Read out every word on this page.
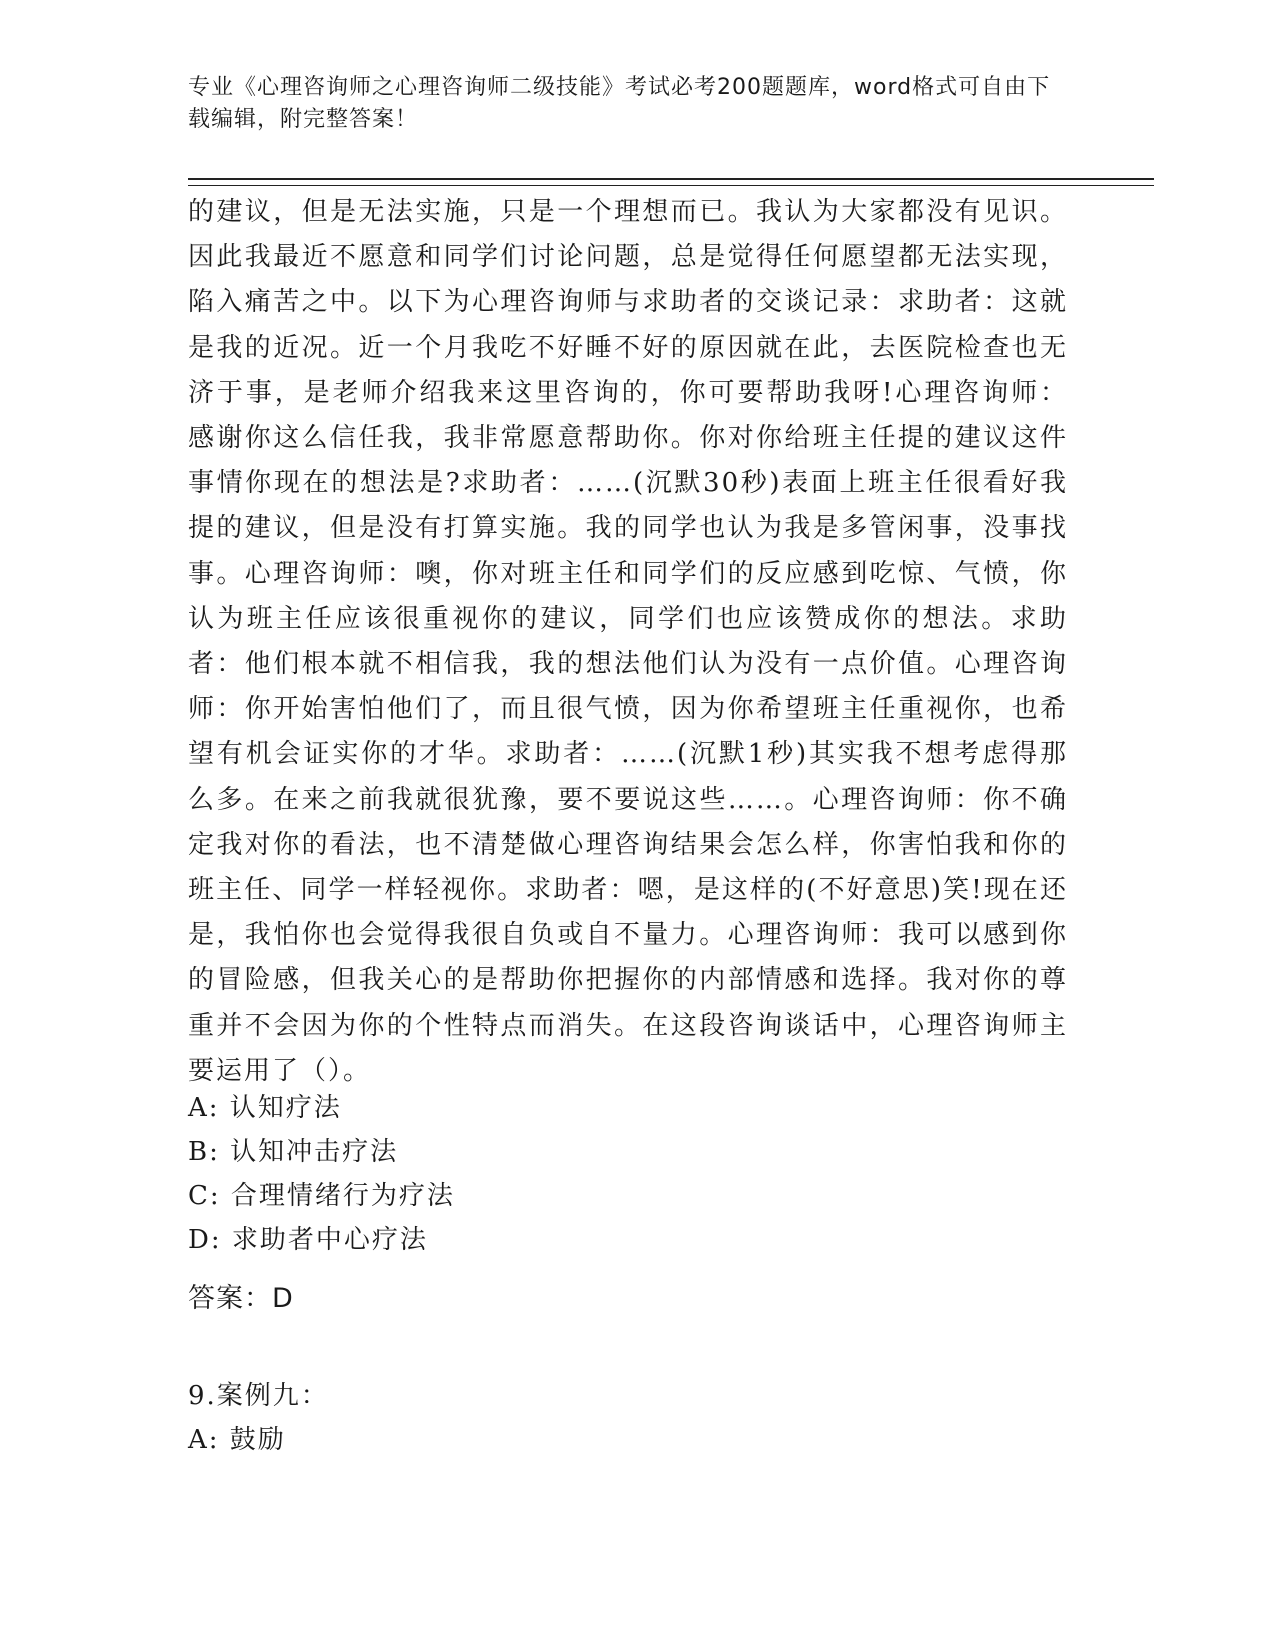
专业《心理咨询师之心理咨询师二级技能》考试必考200题题库，word格式可自由下载编辑，附完整答案！
的建议，但是无法实施，只是一个理想而已。我认为大家都没有见识。因此我最近不愿意和同学们讨论问题，总是觉得任何愿望都无法实现，陷入痛苦之中。以下为心理咨询师与求助者的交谈记录：求助者：这就是我的近况。近一个月我吃不好睡不好的原因就在此，去医院检查也无济于事，是老师介绍我来这里咨询的，你可要帮助我呀!心理咨询师：感谢你这么信任我，我非常愿意帮助你。你对你给班主任提的建议这件事情你现在的想法是?求助者：……(沉默30秒)表面上班主任很看好我提的建议，但是没有打算实施。我的同学也认为我是多管闲事，没事找事。心理咨询师：噢，你对班主任和同学们的反应感到吃惊、气愤，你认为班主任应该很重视你的建议，同学们也应该赞成你的想法。求助者：他们根本就不相信我，我的想法他们认为没有一点价值。心理咨询师：你开始害怕他们了，而且很气愤，因为你希望班主任重视你，也希望有机会证实你的才华。求助者：……(沉默1秒)其实我不想考虑得那么多。在来之前我就很犹豫，要不要说这些……。心理咨询师：你不确定我对你的看法，也不清楚做心理咨询结果会怎么样，你害怕我和你的班主任、同学一样轻视你。求助者：嗯，是这样的(不好意思)笑!现在还是，我怕你也会觉得我很自负或自不量力。心理咨询师：我可以感到你的冒险感，但我关心的是帮助你把握你的内部情感和选择。我对你的尊重并不会因为你的个性特点而消失。在这段咨询谈话中，心理咨询师主要运用了（）。
A: 认知疗法
B: 认知冲击疗法
C: 合理情绪行为疗法
D: 求助者中心疗法
答案：D
9.案例九：
A: 鼓励
